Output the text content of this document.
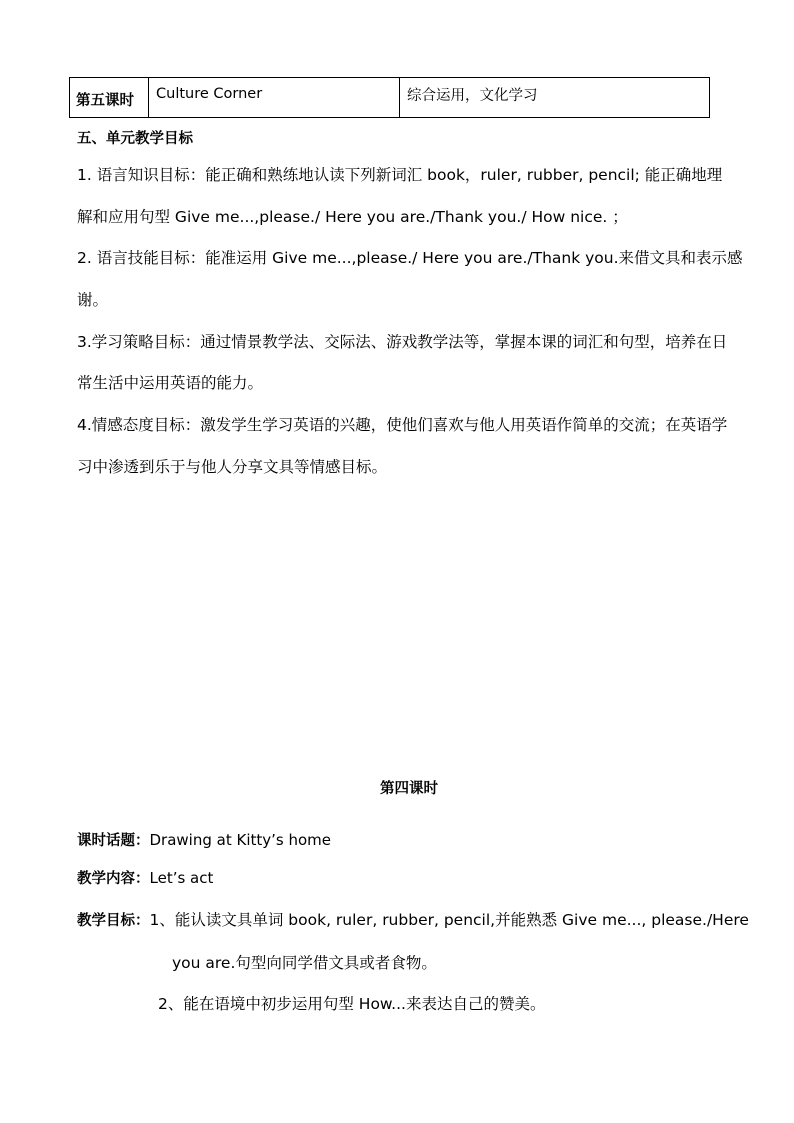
第五课时 Culture Corner	综合运用，文化学习
五、单元教学目标
1. 语言知识目标：能正确和熟练地认读下列新词汇 book，ruler, rubber, pencil; 能正确地理
解和应用句型 Give me...,please./ Here you are./Thank you./ How nice. ；
2. 语言技能目标：能准运用 Give me...,please./ Here you are./Thank you.来借文具和表示感
谢。
3.学习策略目标：通过情景教学法、交际法、游戏教学法等，掌握本课的词汇和句型，培养在日
常生活中运用英语的能力。
4.情感态度目标：激发学生学习英语的兴趣，使他们喜欢与他人用英语作简单的交流；在英语学
习中渗透到乐于与他人分享文具等情感目标。
第四课时
课时话题：Drawing at Kitty’s home
教学内容：Let’s act
教学目标：1、能认读文具单词 book, ruler, rubber, pencil,并能熟悉 Give me..., please./Here
you are.句型向同学借文具或者食物。
2、能在语境中初步运用句型 How...来表达自己的赞美。
